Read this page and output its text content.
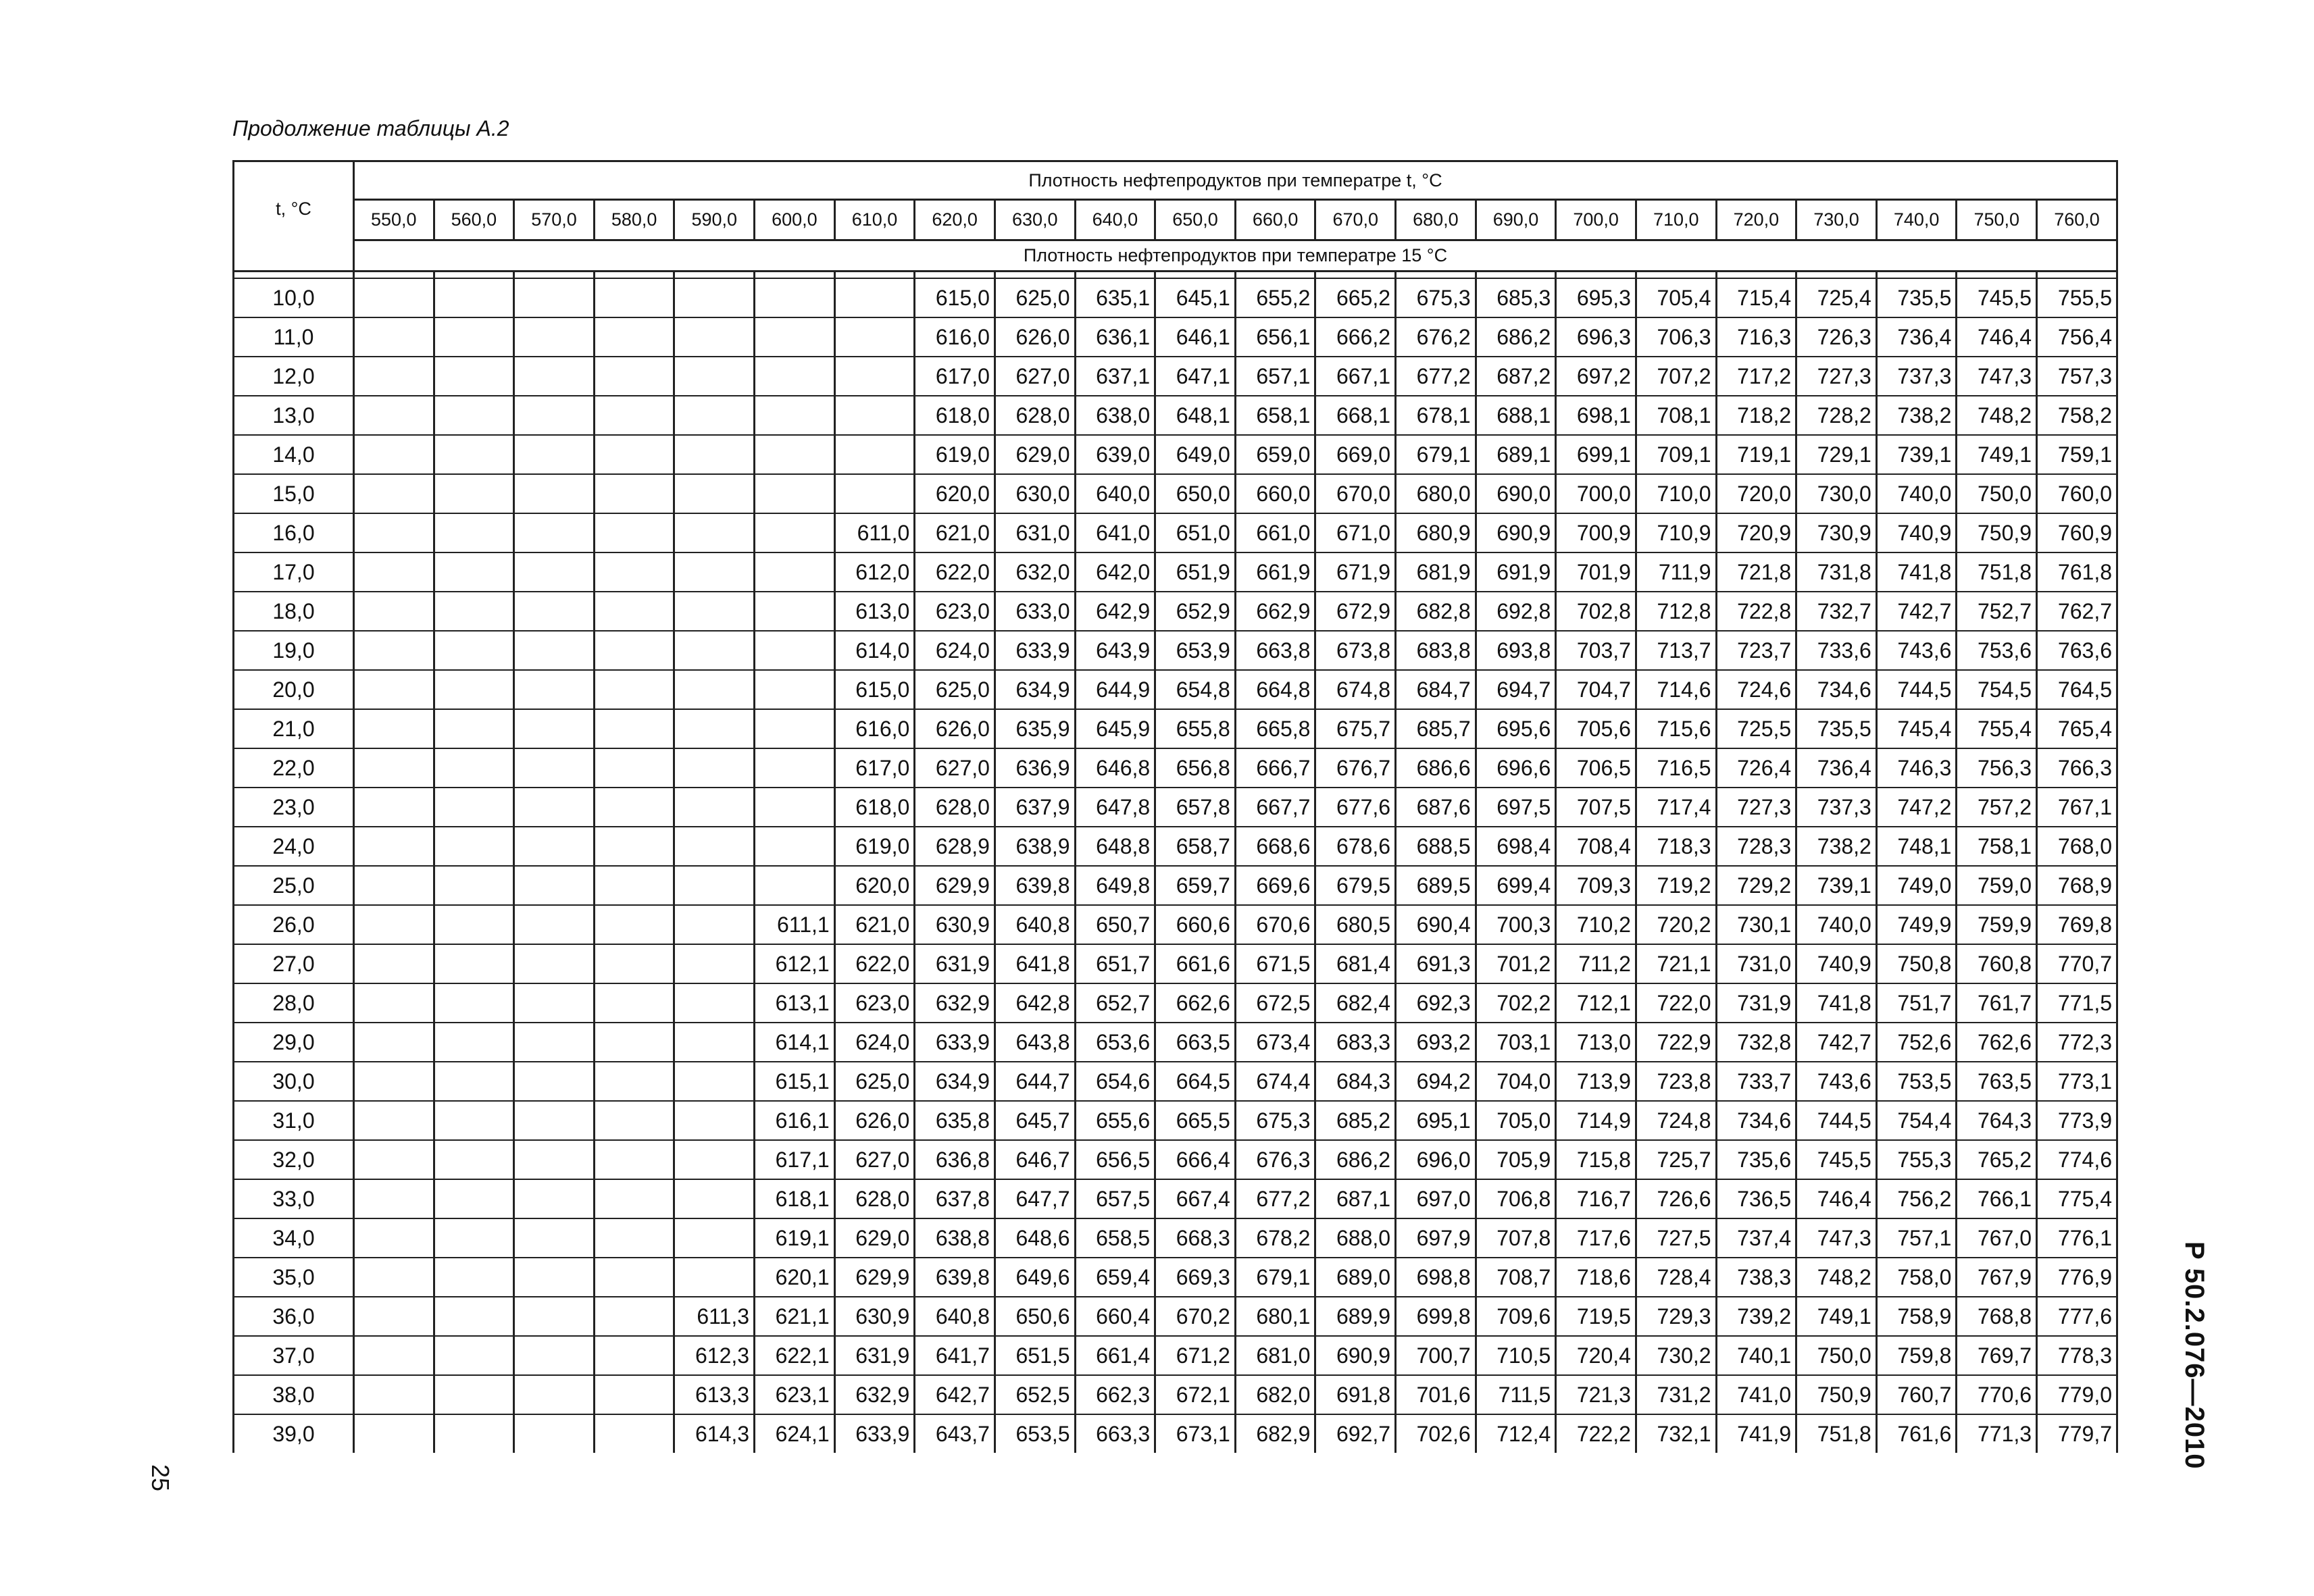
Продолжение таблицы А.2
t, °C	Плотность нефтепродуктов при температре t, °C																					
	550,0	560,0	570,0	580,0	590,0	600,0	610,0	620,0	630,0	640,0	650,0	660,0	670,0	680,0	690,0	700,0	710,0	720,0	730,0	740,0	750,0	760,0
	Плотность нефтепродуктов при температре 15 °C																					

10,0								615,0	625,0	635,1	645,1	655,2	665,2	675,3	685,3	695,3	705,4	715,4	725,4	735,5	745,5	755,5
11,0								616,0	626,0	636,1	646,1	656,1	666,2	676,2	686,2	696,3	706,3	716,3	726,3	736,4	746,4	756,4
12,0								617,0	627,0	637,1	647,1	657,1	667,1	677,2	687,2	697,2	707,2	717,2	727,3	737,3	747,3	757,3
13,0								618,0	628,0	638,0	648,1	658,1	668,1	678,1	688,1	698,1	708,1	718,2	728,2	738,2	748,2	758,2
14,0								619,0	629,0	639,0	649,0	659,0	669,0	679,1	689,1	699,1	709,1	719,1	729,1	739,1	749,1	759,1
15,0								620,0	630,0	640,0	650,0	660,0	670,0	680,0	690,0	700,0	710,0	720,0	730,0	740,0	750,0	760,0
16,0							611,0	621,0	631,0	641,0	651,0	661,0	671,0	680,9	690,9	700,9	710,9	720,9	730,9	740,9	750,9	760,9
17,0							612,0	622,0	632,0	642,0	651,9	661,9	671,9	681,9	691,9	701,9	711,9	721,8	731,8	741,8	751,8	761,8
18,0							613,0	623,0	633,0	642,9	652,9	662,9	672,9	682,8	692,8	702,8	712,8	722,8	732,7	742,7	752,7	762,7
19,0							614,0	624,0	633,9	643,9	653,9	663,8	673,8	683,8	693,8	703,7	713,7	723,7	733,6	743,6	753,6	763,6
20,0							615,0	625,0	634,9	644,9	654,8	664,8	674,8	684,7	694,7	704,7	714,6	724,6	734,6	744,5	754,5	764,5
21,0							616,0	626,0	635,9	645,9	655,8	665,8	675,7	685,7	695,6	705,6	715,6	725,5	735,5	745,4	755,4	765,4
22,0							617,0	627,0	636,9	646,8	656,8	666,7	676,7	686,6	696,6	706,5	716,5	726,4	736,4	746,3	756,3	766,3
23,0							618,0	628,0	637,9	647,8	657,8	667,7	677,6	687,6	697,5	707,5	717,4	727,3	737,3	747,2	757,2	767,1
24,0							619,0	628,9	638,9	648,8	658,7	668,6	678,6	688,5	698,4	708,4	718,3	728,3	738,2	748,1	758,1	768,0
25,0							620,0	629,9	639,8	649,8	659,7	669,6	679,5	689,5	699,4	709,3	719,2	729,2	739,1	749,0	759,0	768,9
26,0						611,1	621,0	630,9	640,8	650,7	660,6	670,6	680,5	690,4	700,3	710,2	720,2	730,1	740,0	749,9	759,9	769,8
27,0						612,1	622,0	631,9	641,8	651,7	661,6	671,5	681,4	691,3	701,2	711,2	721,1	731,0	740,9	750,8	760,8	770,7
28,0						613,1	623,0	632,9	642,8	652,7	662,6	672,5	682,4	692,3	702,2	712,1	722,0	731,9	741,8	751,7	761,7	771,5
29,0						614,1	624,0	633,9	643,8	653,6	663,5	673,4	683,3	693,2	703,1	713,0	722,9	732,8	742,7	752,6	762,6	772,3
30,0						615,1	625,0	634,9	644,7	654,6	664,5	674,4	684,3	694,2	704,0	713,9	723,8	733,7	743,6	753,5	763,5	773,1
31,0						616,1	626,0	635,8	645,7	655,6	665,5	675,3	685,2	695,1	705,0	714,9	724,8	734,6	744,5	754,4	764,3	773,9
32,0						617,1	627,0	636,8	646,7	656,5	666,4	676,3	686,2	696,0	705,9	715,8	725,7	735,6	745,5	755,3	765,2	774,6
33,0						618,1	628,0	637,8	647,7	657,5	667,4	677,2	687,1	697,0	706,8	716,7	726,6	736,5	746,4	756,2	766,1	775,4
34,0						619,1	629,0	638,8	648,6	658,5	668,3	678,2	688,0	697,9	707,8	717,6	727,5	737,4	747,3	757,1	767,0	776,1
35,0						620,1	629,9	639,8	649,6	659,4	669,3	679,1	689,0	698,8	708,7	718,6	728,4	738,3	748,2	758,0	767,9	776,9
36,0					611,3	621,1	630,9	640,8	650,6	660,4	670,2	680,1	689,9	699,8	709,6	719,5	729,3	739,2	749,1	758,9	768,8	777,6
37,0					612,3	622,1	631,9	641,7	651,5	661,4	671,2	681,0	690,9	700,7	710,5	720,4	730,2	740,1	750,0	759,8	769,7	778,3
38,0					613,3	623,1	632,9	642,7	652,5	662,3	672,1	682,0	691,8	701,6	711,5	721,3	731,2	741,0	750,9	760,7	770,6	779,0
39,0					614,3	624,1	633,9	643,7	653,5	663,3	673,1	682,9	692,7	702,6	712,4	722,2	732,1	741,9	751,8	761,6	771,3	779,7
25
Р 50.2.076—2010
